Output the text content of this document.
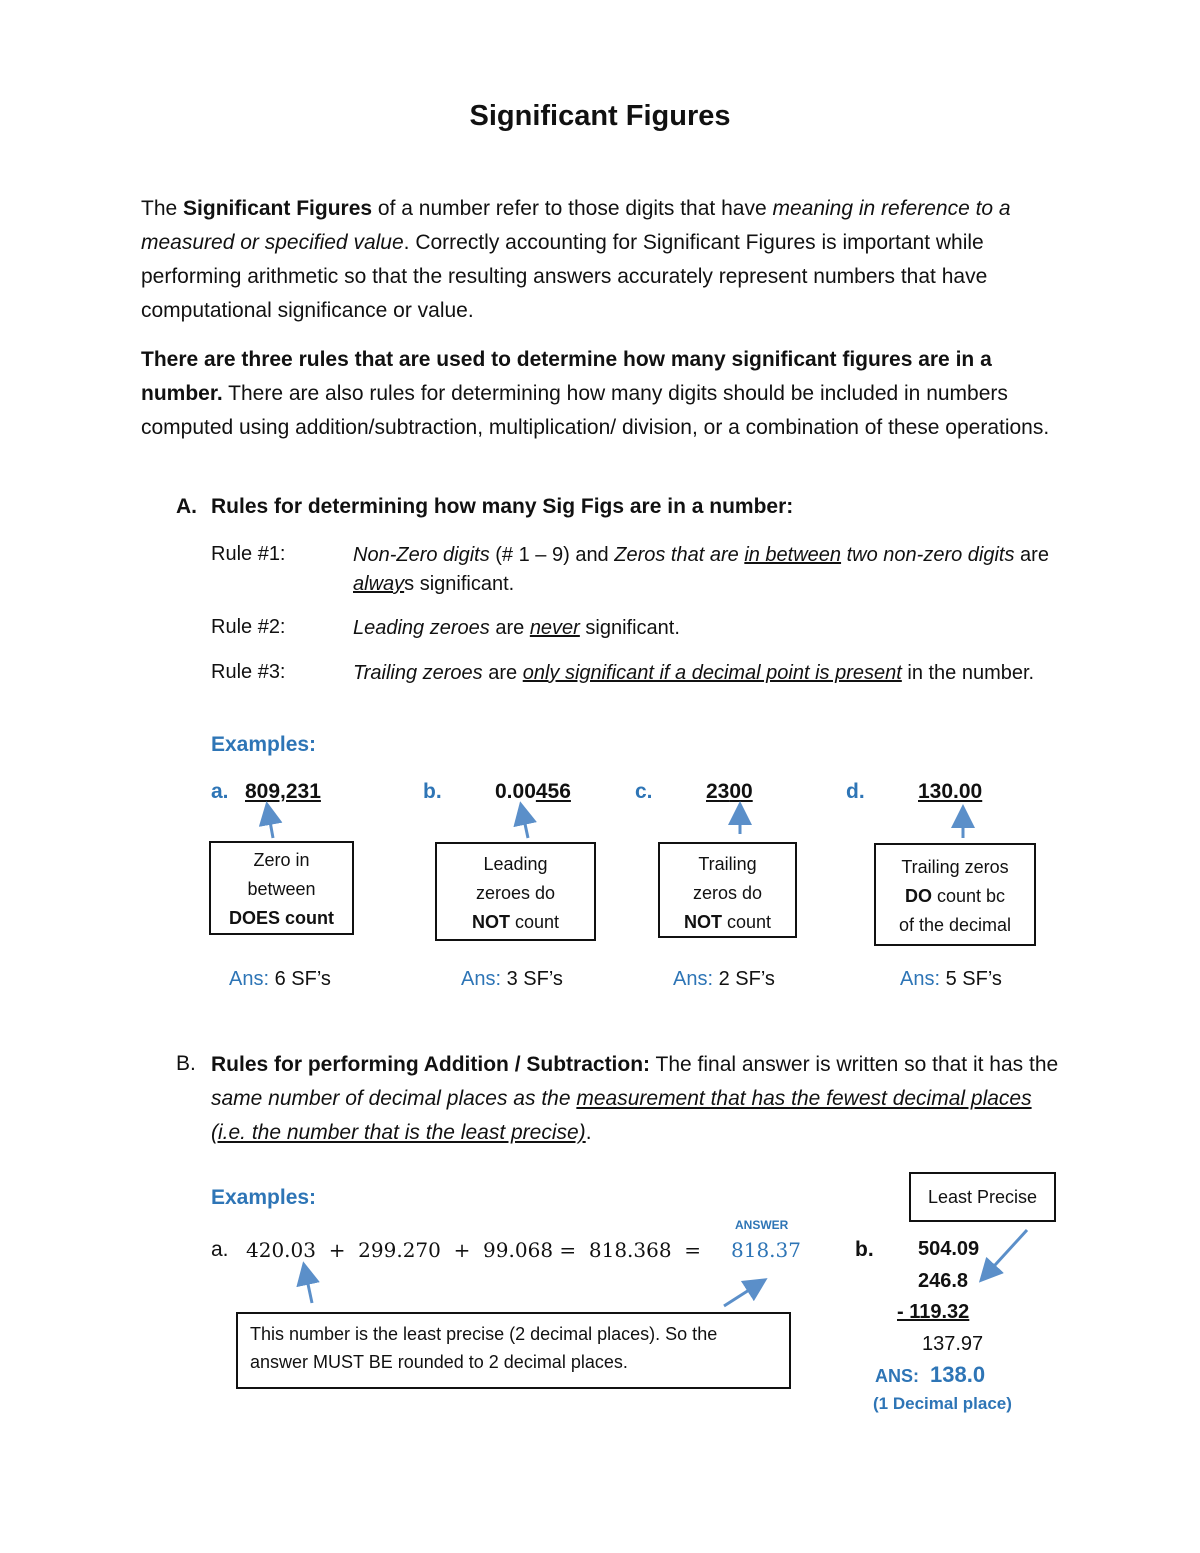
Significant Figures
The Significant Figures of a number refer to those digits that have meaning in reference to a measured or specified value. Correctly accounting for Significant Figures is important while performing arithmetic so that the resulting answers accurately represent numbers that have computational significance or value.
There are three rules that are used to determine how many significant figures are in a number. There are also rules for determining how many digits should be included in numbers computed using addition/subtraction, multiplication/ division, or a combination of these operations.
A. Rules for determining how many Sig Figs are in a number:
Rule #1:	Non-Zero digits (# 1 – 9) and Zeros that are in between two non-zero digits are always significant.
Rule #2:	Leading zeroes are never significant.
Rule #3:	Trailing zeroes are only significant if a decimal point is present in the number.
Examples:
a. 809,231
Zero in
between
DOES count
Ans: 6 SF’s
b.	0.00456
Leading
zeroes do
NOT count
Ans: 3 SF’s
c.	2300
Trailing
zeros do
NOT count
Ans: 2 SF’s
d.	130.00
Trailing zeros
DO count bc
of the decimal
Ans: 5 SF’s
B. Rules for performing Addition / Subtraction: The final answer is written so that it has the same number of decimal places as the measurement that has the fewest decimal places (i.e. the number that is the least precise).
Examples:
a. 420.03  +  299.270  +  99.068 =  818.368  =
ANSWER
818.37
This number is the least precise (2 decimal places). So the answer MUST BE rounded to 2 decimal places.
b.
Least Precise
504.09
246.8
- 119.32
137.97
ANS: 138.0
(1 Decimal place)
